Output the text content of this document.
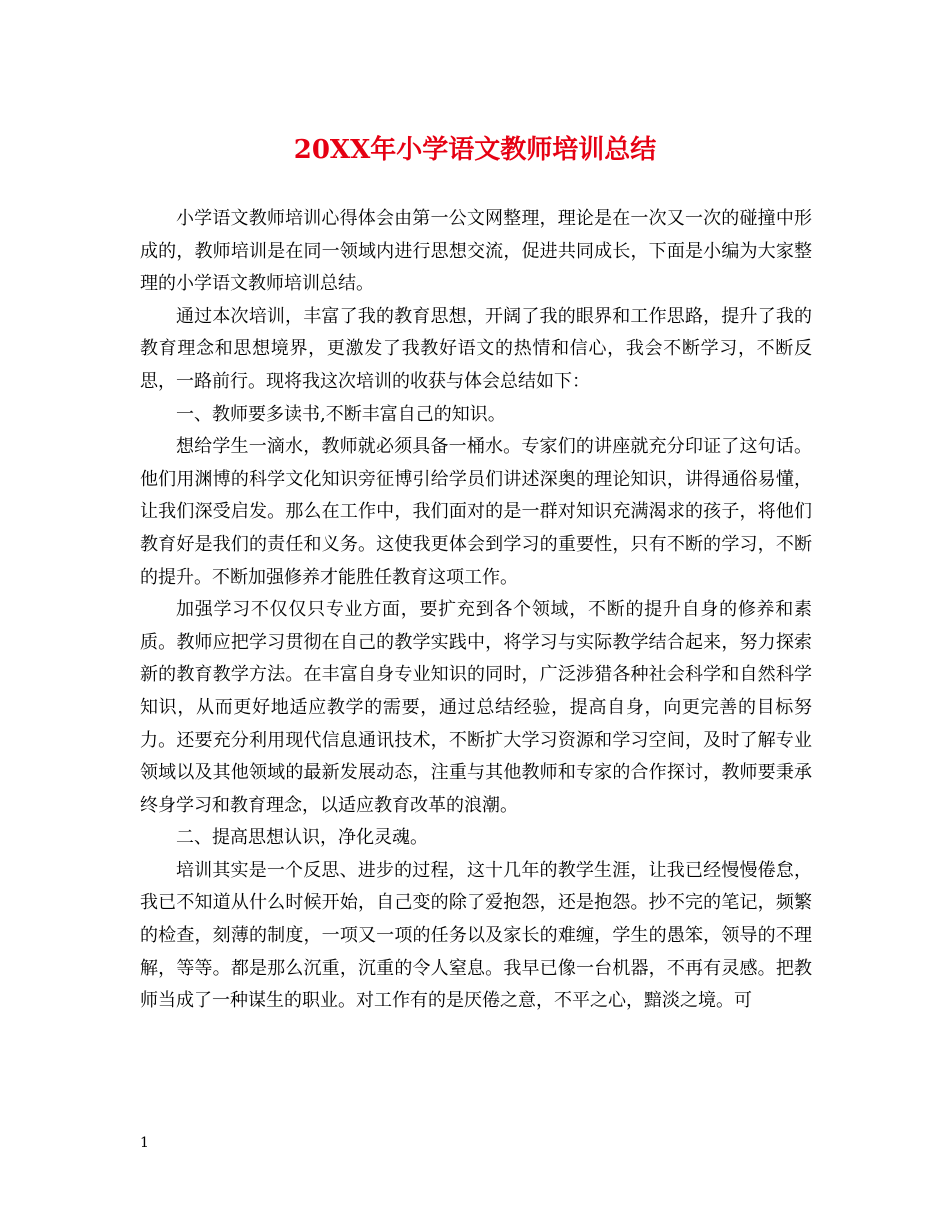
20XX年小学语文教师培训总结

小学语文教师培训心得体会由第一公文网整理，理论是在一次又一次的碰撞中形成的，教师培训是在同一领域内进行思想交流，促进共同成长，下面是小编为大家整理的小学语文教师培训总结。

通过本次培训，丰富了我的教育思想，开阔了我的眼界和工作思路，提升了我的教育理念和思想境界，更激发了我教好语文的热情和信心，我会不断学习，不断反思，一路前行。现将我这次培训的收获与体会总结如下：

一、教师要多读书,不断丰富自己的知识。

想给学生一滴水，教师就必须具备一桶水。专家们的讲座就充分印证了这句话。他们用渊博的科学文化知识旁征博引给学员们讲述深奥的理论知识，讲得通俗易懂，让我们深受启发。那么在工作中，我们面对的是一群对知识充满渴求的孩子，将他们教育好是我们的责任和义务。这使我更体会到学习的重要性，只有不断的学习，不断的提升。不断加强修养才能胜任教育这项工作。

加强学习不仅仅只专业方面，要扩充到各个领域，不断的提升自身的修养和素质。教师应把学习贯彻在自己的教学实践中，将学习与实际教学结合起来，努力探索新的教育教学方法。在丰富自身专业知识的同时，广泛涉猎各种社会科学和自然科学知识，从而更好地适应教学的需要，通过总结经验，提高自身，向更完善的目标努力。还要充分利用现代信息通讯技术，不断扩大学习资源和学习空间，及时了解专业领域以及其他领域的最新发展动态，注重与其他教师和专家的合作探讨，教师要秉承终身学习和教育理念，以适应教育改革的浪潮。

二、提高思想认识，净化灵魂。

培训其实是一个反思、进步的过程，这十几年的教学生涯，让我已经慢慢倦怠，我已不知道从什么时候开始，自己变的除了爱抱怨，还是抱怨。抄不完的笔记，频繁的检查，刻薄的制度，一项又一项的任务以及家长的难缠，学生的愚笨，领导的不理解，等等。都是那么沉重，沉重的令人窒息。我早已像一台机器，不再有灵感。把教师当成了一种谋生的职业。对工作有的是厌倦之意，不平之心，黯淡之境。可

1
